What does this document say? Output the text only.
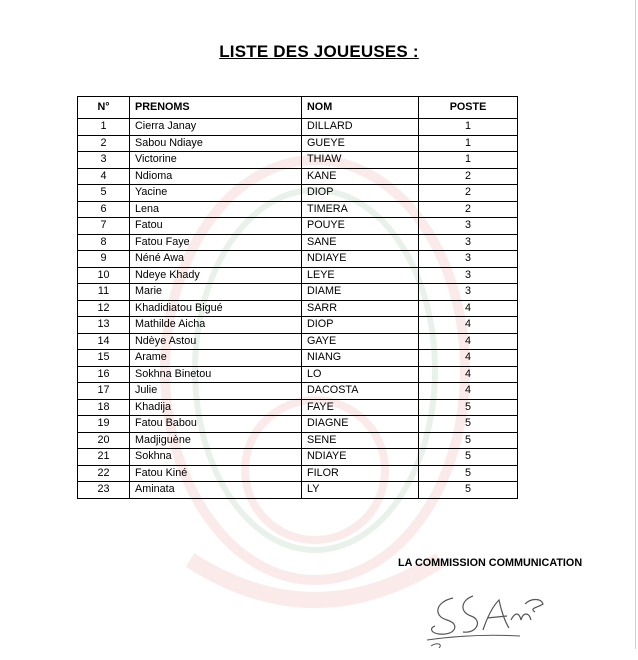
LISTE DES JOUEUSES :
N°	PRENOMS	NOM	POSTE
1	Cierra Janay	DILLARD	1
2	Sabou Ndiaye	GUEYE	1
3	Victorine	THIAW	1
4	Ndioma	KANE	2
5	Yacine	DIOP	2
6	Lena	TIMERA	2
7	Fatou	POUYE	3
8	Fatou Faye	SANE	3
9	Néné Awa	NDIAYE	3
10	Ndeye Khady	LEYE	3
11	Marie	DIAME	3
12	Khadidiatou Bigué	SARR	4
13	Mathilde Aicha	DIOP	4
14	Ndèye Astou	GAYE	4
15	Arame	NIANG	4
16	Sokhna Binetou	LO	4
17	Julie	DACOSTA	4
18	Khadija	FAYE	5
19	Fatou Babou	DIAGNE	5
20	Madjiguène	SENE	5
21	Sokhna	NDIAYE	5
22	Fatou Kiné	FILOR	5
23	Aminata	LY	5
LA COMMISSION COMMUNICATION
